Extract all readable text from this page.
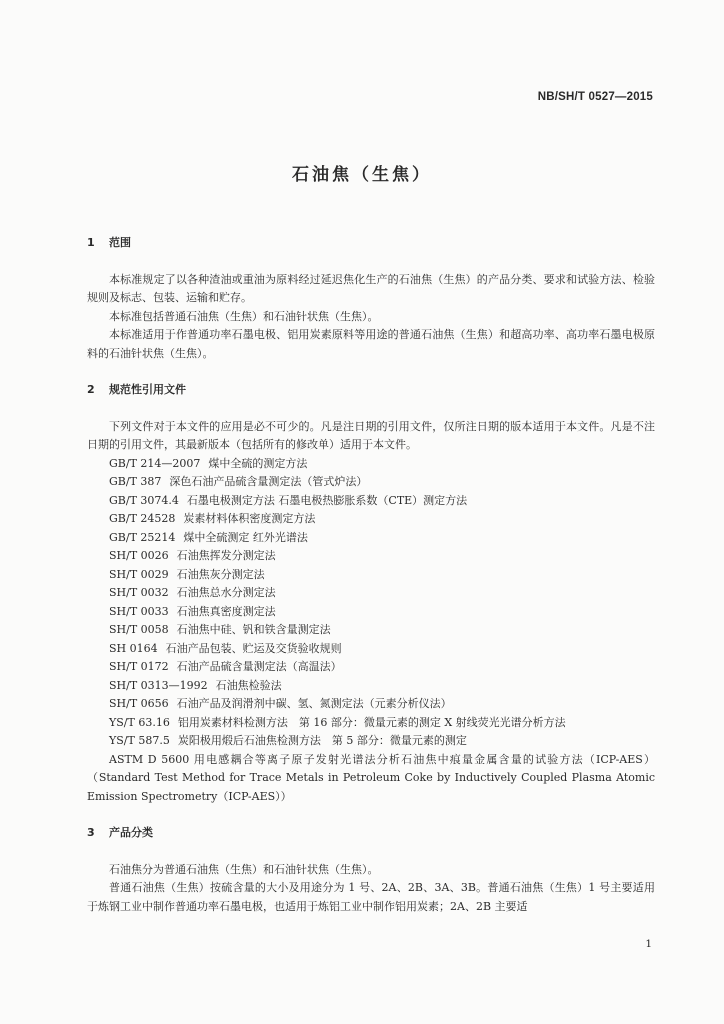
NB/SH/T 0527—2015
石油焦（生焦）

1 范围

本标准规定了以各种渣油或重油为原料经过延迟焦化生产的石油焦（生焦）的产品分类、要求和试验方法、检验规则及标志、包装、运输和贮存。

本标准包括普通石油焦（生焦）和石油针状焦（生焦）。

本标准适用于作普通功率石墨电极、铝用炭素原料等用途的普通石油焦（生焦）和超高功率、高功率石墨电极原料的石油针状焦（生焦）。

2 规范性引用文件

下列文件对于本文件的应用是必不可少的。凡是注日期的引用文件，仅所注日期的版本适用于本文件。凡是不注日期的引用文件，其最新版本（包括所有的修改单）适用于本文件。

GB/T 214—2007 煤中全硫的测定方法
GB/T 387 深色石油产品硫含量测定法（管式炉法）
GB/T 3074.4 石墨电极测定方法 石墨电极热膨胀系数（CTE）测定方法
GB/T 24528 炭素材料体积密度测定方法
GB/T 25214 煤中全硫测定 红外光谱法
SH/T 0026 石油焦挥发分测定法
SH/T 0029 石油焦灰分测定法
SH/T 0032 石油焦总水分测定法
SH/T 0033 石油焦真密度测定法
SH/T 0058 石油焦中硅、钒和铁含量测定法
SH 0164 石油产品包装、贮运及交货验收规则
SH/T 0172 石油产品硫含量测定法（高温法）
SH/T 0313—1992 石油焦检验法
SH/T 0656 石油产品及润滑剂中碳、氢、氮测定法（元素分析仪法）
YS/T 63.16 铝用炭素材料检测方法　第 16 部分：微量元素的测定 X 射线荧光光谱分析方法
YS/T 587.5 炭阳极用煅后石油焦检测方法　第 5 部分：微量元素的测定

ASTM D 5600 用电感耦合等离子原子发射光谱法分析石油焦中痕量金属含量的试验方法（ICP-AES）（Standard Test Method for Trace Metals in Petroleum Coke by Inductively Coupled Plasma Atomic Emission Spectrometry（ICP-AES））

3 产品分类

石油焦分为普通石油焦（生焦）和石油针状焦（生焦）。

普通石油焦（生焦）按硫含量的大小及用途分为 1 号、2A、2B、3A、3B。普通石油焦（生焦）1 号主要适用于炼钢工业中制作普通功率石墨电极，也适用于炼铝工业中制作铝用炭素；2A、2B 主要适

1
